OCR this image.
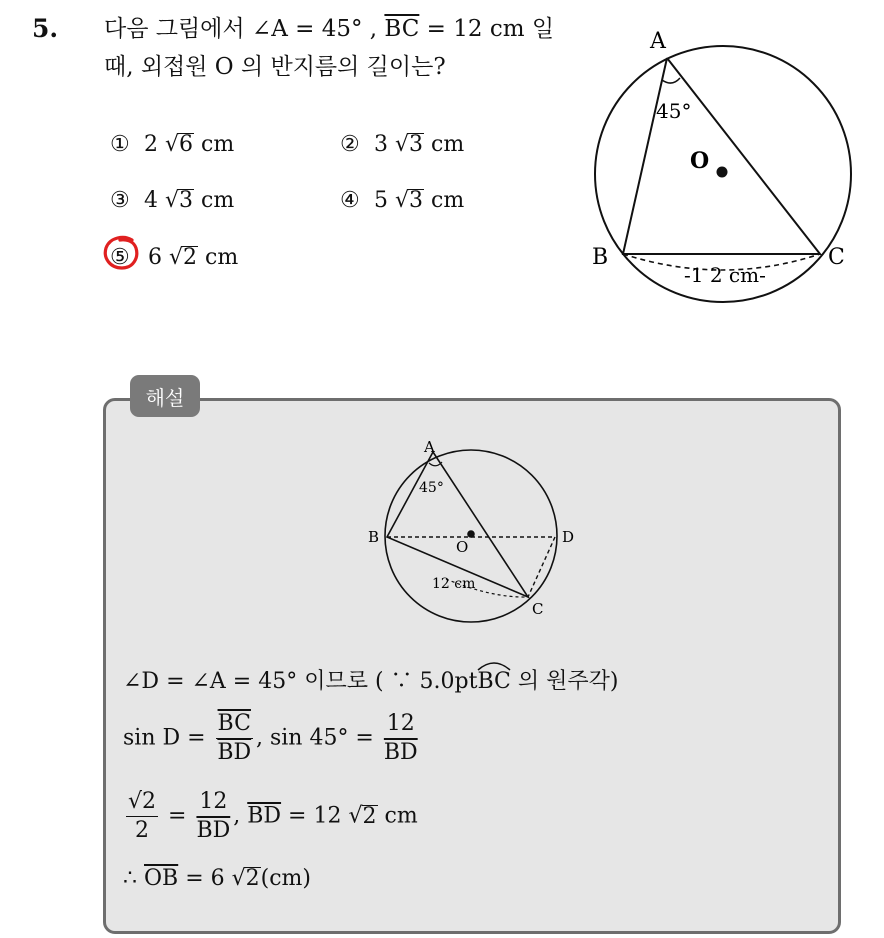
5. 다음 그림에서 ∠A = 45° , $\overline{BC} = 12$ cm 일
때, 외접원 O 의 반지름의 길이는?
① 2 √6 cm	② 3 √3 cm
③ 4 √3 cm	④ 5 √3 cm
⑤ 6 √2 cm
A
B	C
O
45°
-1 2 cm-
해설
A
B
C
D
O
45°
12 cm
∠D = ∠A = 45° 이므로 ( ∵ 5.0pt
BC 의 원주각)
$\sin D = \frac{\overline{BC}}{BD}$ , $\sin 45^\circ = \frac{12}{BD}$
$\frac{√2}{2} = \frac{12}{BD}$ , $\overline{BD} = 12$ √2 cm
∴ $\overline{OB} = 6$ √2(cm)
